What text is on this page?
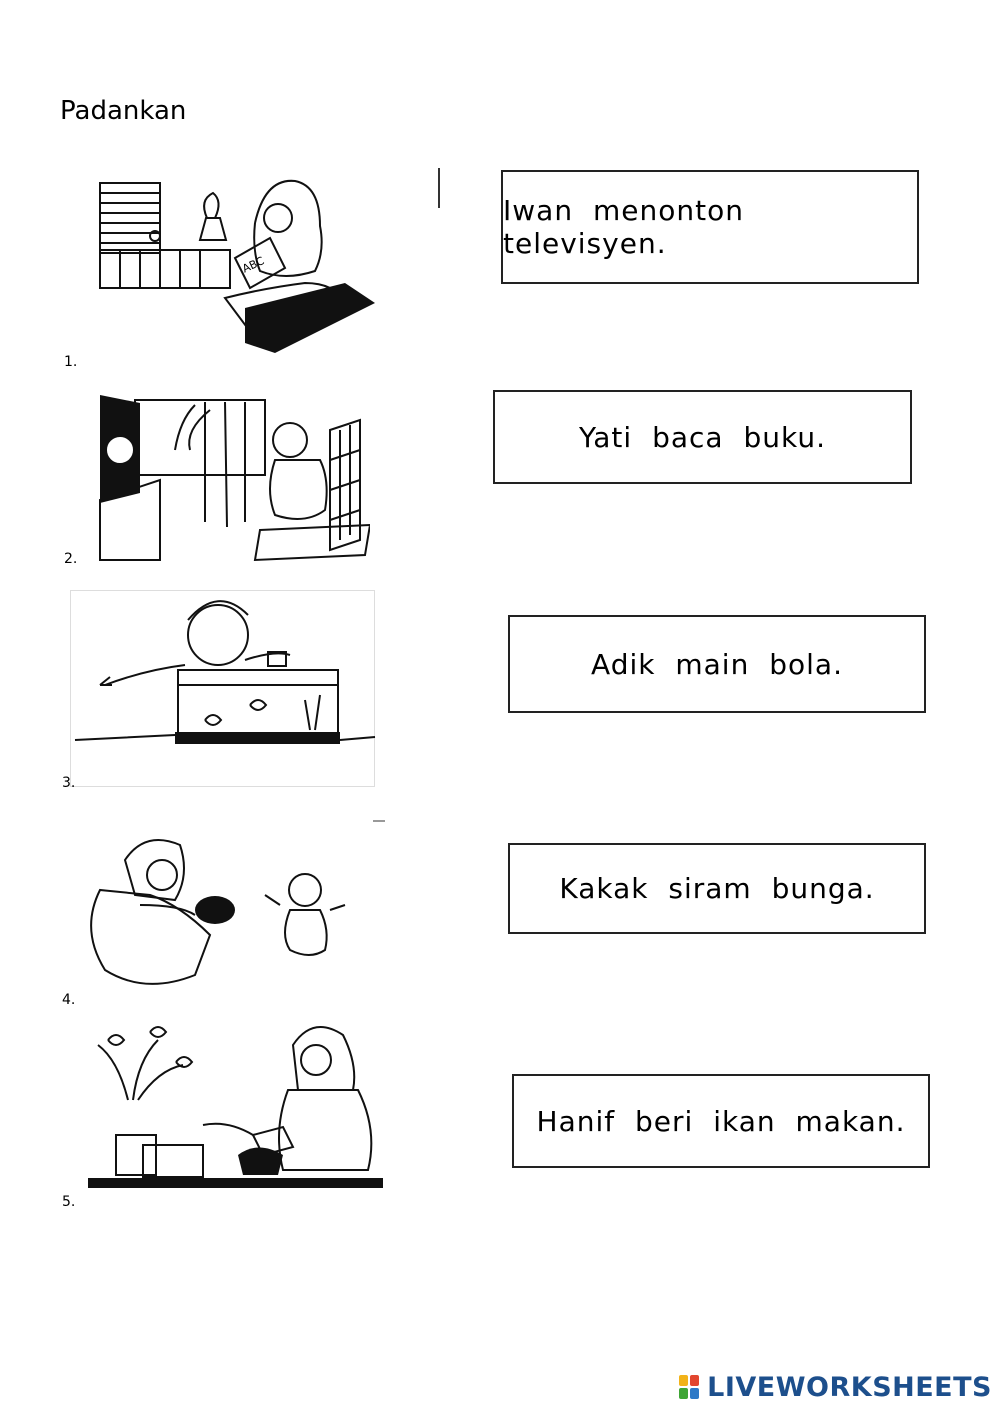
Padankan
ABC
1.
2.
3.
4.
5.
Iwan menonton televisyen.
Yati baca buku.
Adik main bola.
Kakak siram bunga.
Hanif beri ikan makan.
LIVEWORKSHEETS
